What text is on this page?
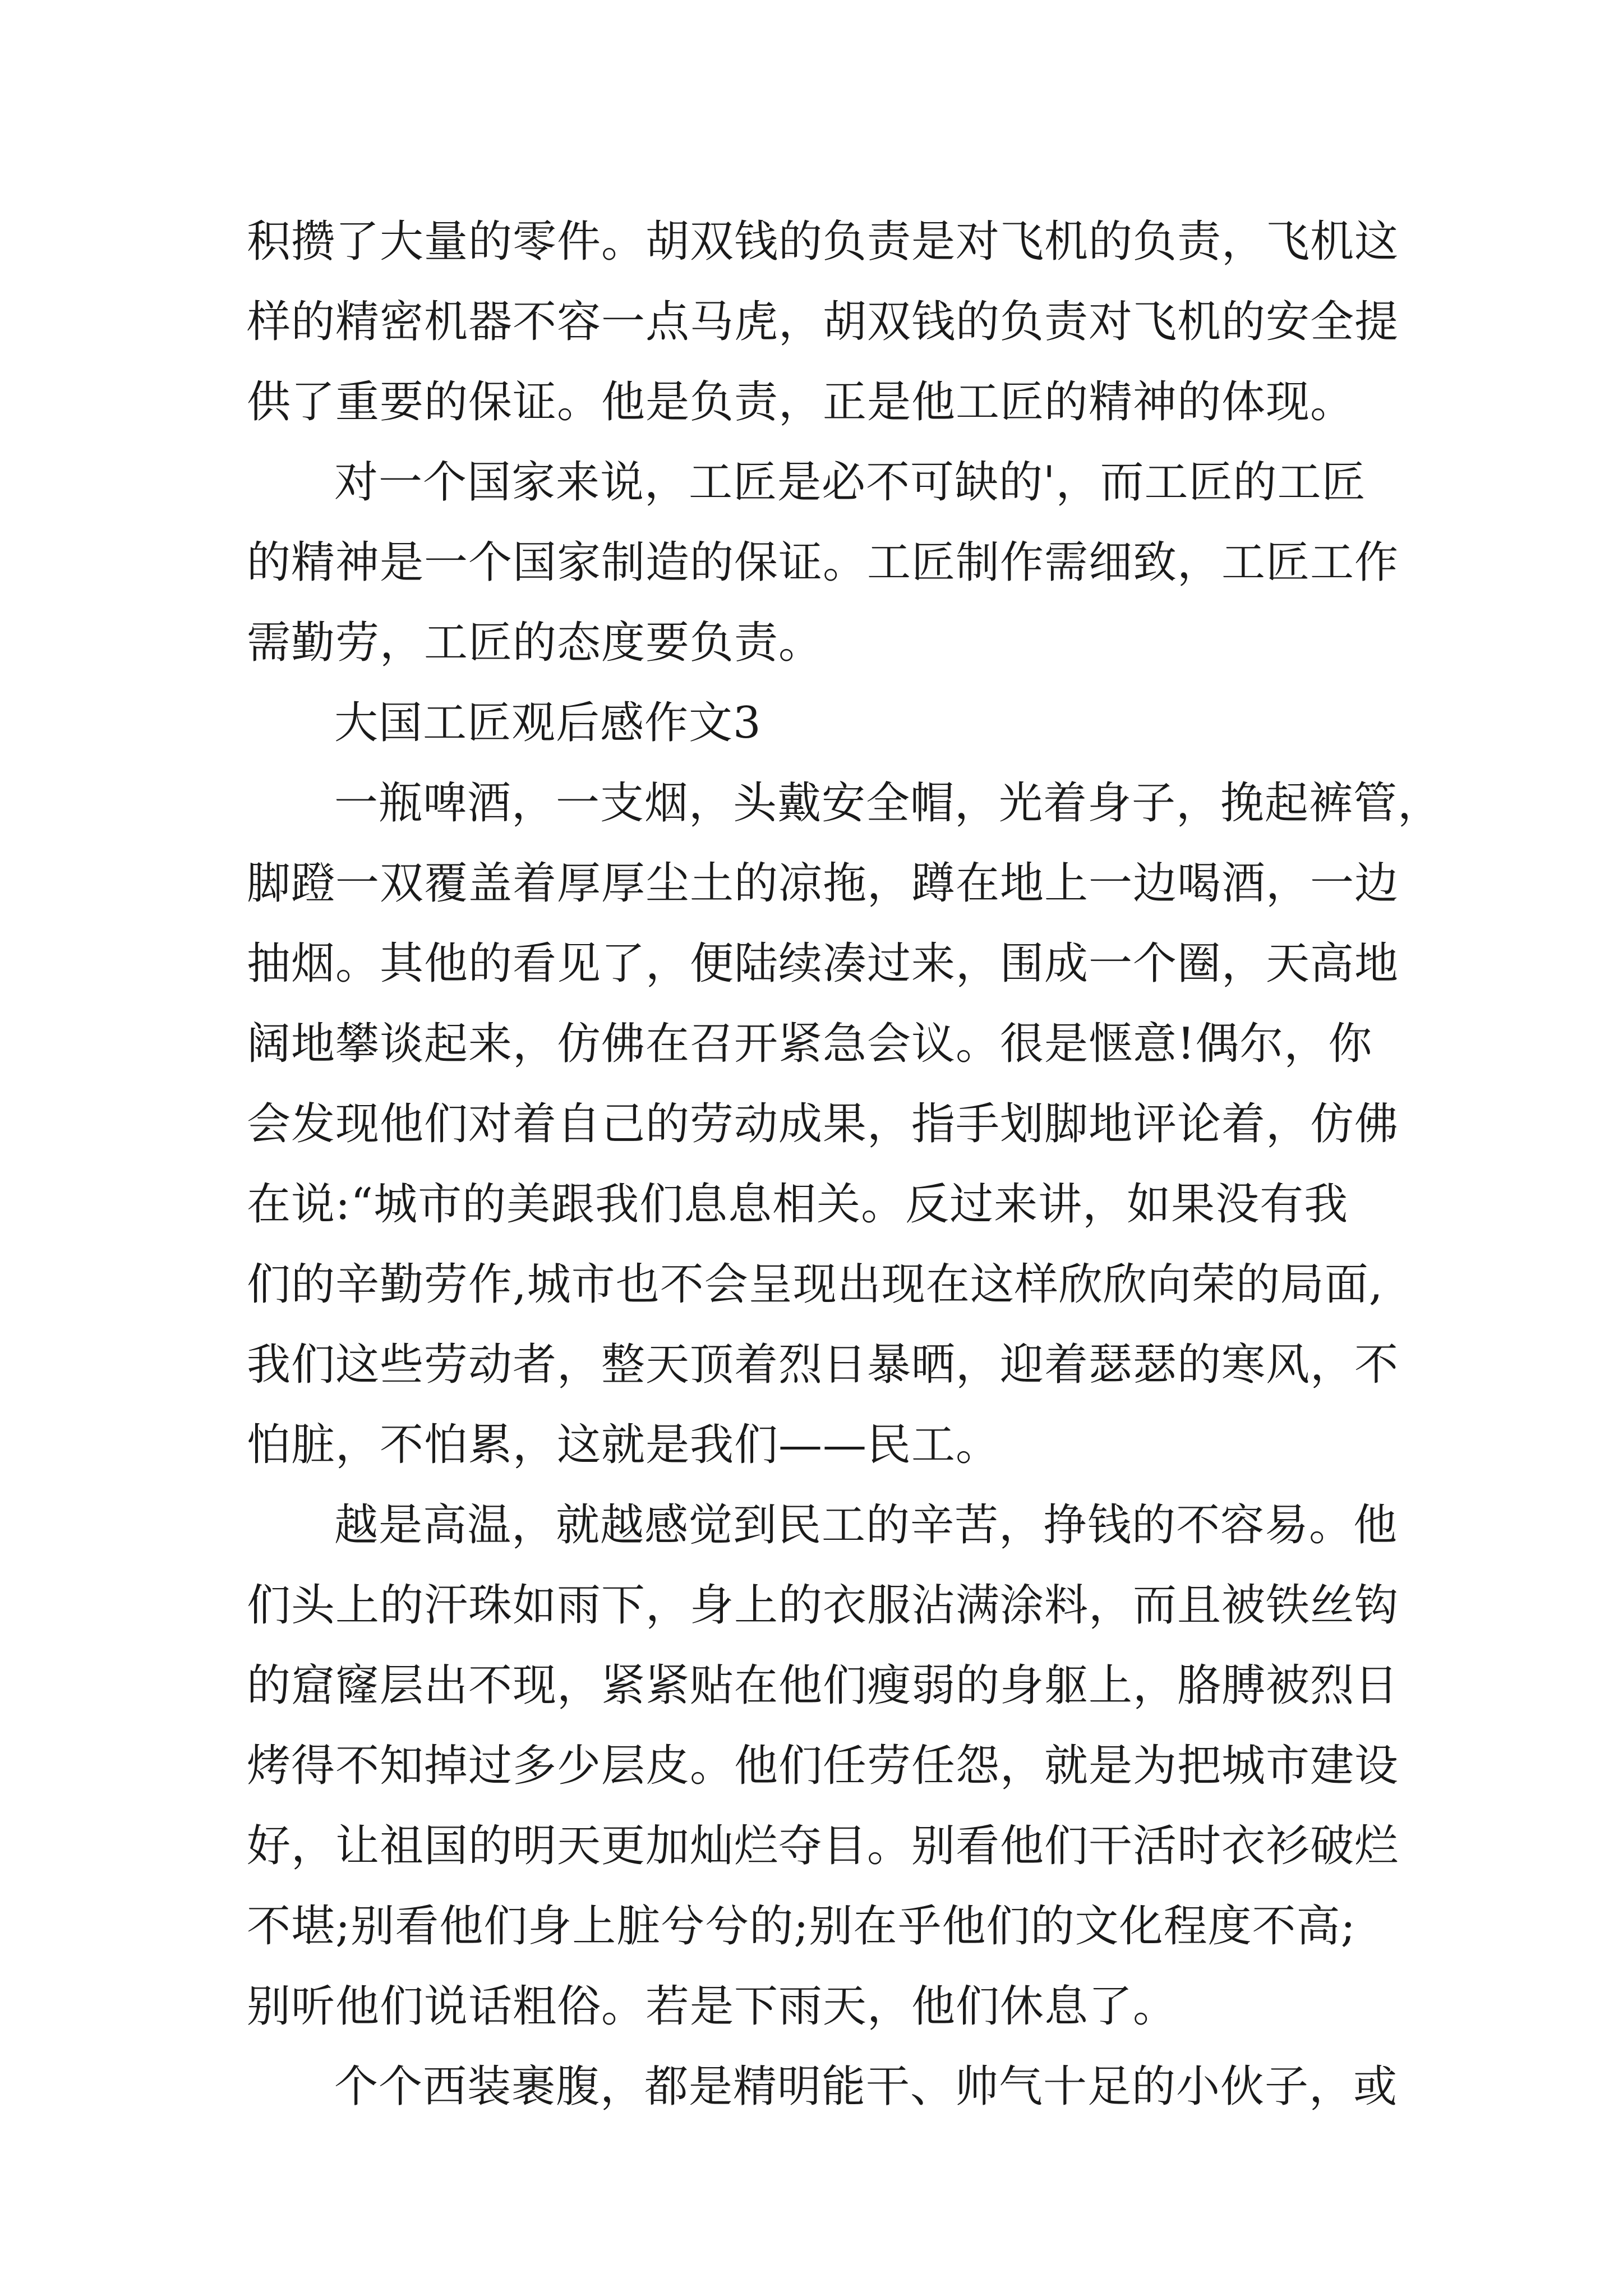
积攒了大量的零件。胡双钱的负责是对飞机的负责，飞机这
样的精密机器不容一点马虎，胡双钱的负责对飞机的安全提
供了重要的保证。他是负责，正是他工匠的精神的体现。
对一个国家来说，工匠是必不可缺的'，而工匠的工匠
的精神是一个国家制造的保证。工匠制作需细致，工匠工作
需勤劳，工匠的态度要负责。
大国工匠观后感作文3
一瓶啤酒，一支烟，头戴安全帽，光着身子，挽起裤管，
脚蹬一双覆盖着厚厚尘土的凉拖，蹲在地上一边喝酒，一边
抽烟。其他的看见了，便陆续凑过来，围成一个圈，天高地
阔地攀谈起来，仿佛在召开紧急会议。很是惬意!偶尔，你
会发现他们对着自己的劳动成果，指手划脚地评论着，仿佛
在说:“城市的美跟我们息息相关。反过来讲，如果没有我
们的辛勤劳作,城市也不会呈现出现在这样欣欣向荣的局面,
我们这些劳动者，整天顶着烈日暴晒，迎着瑟瑟的寒风，不
怕脏，不怕累，这就是我们——民工。
越是高温，就越感觉到民工的辛苦，挣钱的不容易。他
们头上的汗珠如雨下，身上的衣服沾满涂料，而且被铁丝钩
的窟窿层出不现，紧紧贴在他们瘦弱的身躯上，胳膊被烈日
烤得不知掉过多少层皮。他们任劳任怨，就是为把城市建设
好，让祖国的明天更加灿烂夺目。别看他们干活时衣衫破烂
不堪;别看他们身上脏兮兮的;别在乎他们的文化程度不高;
别听他们说话粗俗。若是下雨天，他们休息了。
个个西装裹腹，都是精明能干、帅气十足的小伙子，或
